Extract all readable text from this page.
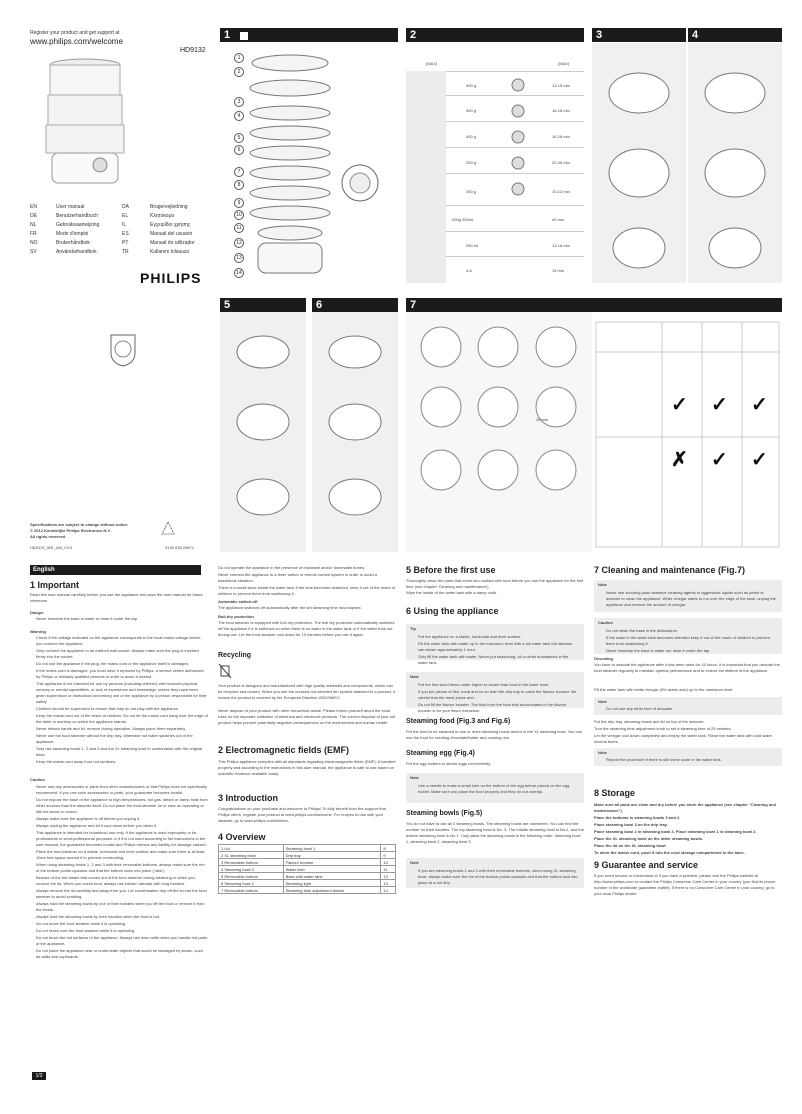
Register your product and get support at
www.philips.com/welcome
HD9132
EN	User manual
DE	Benutzerhandbuch
NL	Gebruiksaanwijzing
FR	Mode d'emploi
NO	Brukerhåndbok
SV	Användarhandbok
DA	Brugervejledning
EL	Κλητόκομο
IL	Εγχειρίδιο χρήσης
ES	Manual del usuario
PT	Manual do utilizador
TR	Kullanım kılavuzu
PHILIPS
Specifications are subject to change without notice
© 2012 Koninklijke Philips Electronics N.V.
All rights reserved.
HD9132_WK_UM_V3.0	3140 035 29871
1
1
2
3
4
5
6
7
8
9
10
11
12
13
14
2
(MAX)	(MAX)
400 g	13-15 min
400 g	16-18 min
400 g	16-18 min
250 g	20-25 min
250 g	10-12 min
200g 200ml	40 min
250 ml	13-16 min
4-6	15 min
3	4
5	6	7
25 min
✓ ✓ ✓
✗ ✓ ✓
English
1 Important
Read this user manual carefully before you use the appliance and save the user manual for future reference.
Danger
Never immerse the base in water or rinse it under the tap.
Warning
Check if the voltage indicated on the appliance corresponds to the local mains voltage before you connect the appliance.
Only connect the appliance to an earthed wall socket. Always make sure the plug is inserted firmly into the socket.
Do not use the appliance if the plug, the mains cord or the appliance itself is damaged.
If the mains cord is damaged, you must have it replaced by Philips, a service centre authorised by Philips or similarly qualified persons in order to avoid a hazard.
This appliance is not intended for use by persons (including children) with reduced physical, sensory or mental capabilities, or lack of experience and knowledge, unless they have been given supervision or instruction concerning use of the appliance by a person responsible for their safety.
Children should be supervised to ensure that they do not play with the appliance.
Keep the mains cord out of the reach of children. Do not let the mains cord hang over the edge of the table or worktop on which the appliance stands.
Never detach hands and lid, remove during operation. Always place them separately.
Never use the food steamer without the drip tray, otherwise hot water splashes out of the appliance.
Only use steaming bowls 1, 2 and 3 and the XL steaming bowl in combination with the original base.
Keep the mains cord away from hot surfaces.
Caution
Never use any accessories or parts from other manufacturers or that Philips does not specifically recommend. If you use such accessories or parts, your guarantee becomes invalid.
Do not expose the base of the appliance to high temperatures, hot gas, steam or damp heat from other sources than the steamer itself. Do not place the food steamer on or near an operating or still hot stove or cooker.
Always make sure the appliance is off before you unplug it.
Always unplug the appliance and let it cool down before you clean it.
This appliance is intended for household use only. If the appliance is used improperly or for professional or semi-professional purposes or if it is not used according to the instructions in the user manual, the guarantee becomes invalid and Philips refuses any liability for damage caused.
Place the food steamer on a stable, horizontal and level surface and make sure there is at least 10cm free space around it to prevent overheating.
When using steaming bowls 1, 2 and 3 with their removable bottoms, always make sure the rim of the bottom points upwards and that the bottom locks into place ('click').
Beware of the hot steam that comes out of the food steamer during steaming or when you remove the lid. When you check food, always use kitchen utensils with long handles.
Always remove the lid carefully and away from you. Let condensation drip off the lid into the food steamer to avoid scalding.
Always hold the steaming bowls by one of their handles when you lift the food or remove it from the bowls.
Always hold the steaming bowls by their handles when the food is hot.
Do not move the food steamer while it is operating.
Do not reach over the food steamer while it is operating.
Do not touch the hot surfaces of the appliance. Always use oven mitts when you handle hot parts of the appliance.
Do not place the appliance near or underneath objects that would be damaged by steam, such as walls and cupboards.
Do not operate the appliance in the presence of explosive and/or flammable fumes.
Never connect the appliance to a timer switch or remote control system in order to avoid a hazardous situation.
There is a small slave inside the water tank if the time becomes detached, keep it out of the reach of children to prevent them from swallowing it.
Automatic switch-off
The appliance switches off automatically after the set steaming time has elapsed.
Boil-dry protection
The food steamer is equipped with boil dry protection. The boil dry protection automatically switches off the appliance if it is switched on when there is no water in the water tank or if the water runs out during use. Let the food steamer cool down for 10 minutes before you use it again.
Recycling
Your product is designed and manufactured with high quality materials and components, which can be recycled and reused. When you see the crossed-out wheeled bin symbol attached to a product, it means the product is covered by the European Directive 2002/96/EC.
Never dispose of your product with other household waste. Please inform yourself about the local rules on the separate collection of electrical and electronic products. The correct disposal of your old product helps prevent potentially negative consequences on the environment and human health.
2 Electromagnetic fields (EMF)
This Philips appliance complies with all standards regarding electromagnetic fields (EMF). If handled properly and according to the instructions in this user manual, the appliance is safe to use based on scientific evidence available today.
3 Introduction
Congratulations on your purchase and welcome to Philips! To fully benefit from the support that Philips offers, register your product at www.philips.com/welcome. For recipes to use with your steamer, go to www.philips.com/kitchen.
4 Overview
1 Lid	Steaming bowl 1	8
2 XL steaming bowl	Drip tray	9
3 Removable bottom	Flavour booster	10
4 Steaming bowl 3	Water inlet	11
5 Removable bottom	Base with water tank	12
6 Steaming bowl 2	Steaming light	13
7 Removable bottom	Steaming time adjustment button	14
5 Before the first use
Thoroughly clean the parts that come into contact with food before you use the appliance for the first time (see chapter 'Cleaning and maintenance').
Wipe the inside of the water tank with a damp cloth.
6 Using the appliance
Tip
Put the appliance on a stable, horizontal and level surface.
Fill the water tank with water up to the maximum level with a full water tank the steamer can steam approximately 1 hour.
Only fill the water tank with water. Never put seasoning, oil or other substances in the water tank.
Note
Put the fine sized items under higher to steam than food in the lower bowl.
If you put pieces of fish, meat and so on than the drip tray to catch the flavour booster. Be careful that the meat juices and ...
Do not fill the flavour booster. The fluid from the food that accumulates in the flavour booster is for your flavor extraction.
Steaming food (Fig.3 and Fig.6)
Put the food to be steamed in one or more steaming bowls and/or in the XL steaming bowl. You can use the food for creating chocolate/butter and cooking rice.
Steaming egg (Fig.4)
Put the egg holders to steam eggs conveniently.
Note
Use a needle to make a small hole on the bottom of the egg before placed on the egg holder. Make sure you place the food properly and they do not overlap.
Steaming bowls (Fig.5)
You do not have to use all 3 steaming bowls. The steaming bowls are numbered. You can find the number on their handles. The top steaming bowl is No. 3. The middle steaming bowl is No.2, and the bottom steaming bowl is No.1. Only stack the steaming bowls in the following order: steaming bowl 1, steaming bowl 2, steaming bowl 3.
Note
If you are steaming bowls 1 and 2 with their removable bottoms, when using XL steaming bowl, always make sure the rim of the bottom points upwards and that the bottom lock into place at a hot drip.
7 Cleaning and maintenance (Fig.7)
Note
Never use scouring pads abrasive cleaning agents or aggressive liquids such as petrol or acetone to clean the appliance. While vinegar starts to run over the edge of the bowl, unplug the appliance and remove the amount of vinegar.
Caution
Do not clean the base in the dishwasher.
If the scale in the water tank becomes distorted keep it out of the reach of children to prevent them from swallowing it.
Never immerse the base in water nor rinse it under the tap.
Descaling
You have to descale the appliance after it has been used for 15 hours. It is important that you descale the food steamer regularly to maintain optimal performance and to extend the lifetime of the appliance.
Fill the water tank with white vinegar (8% acetic acid) up to the maximum level.
Note
Do not use any other kind of descaler.
Put the drip tray, steaming bowls and lid on top of the steamer.
Turn the steaming time adjustment knob to set a steaming time of 25 minutes.
Let the vinegar cool down completely and empty the water tank. Rinse the water tank with cold water several times.
Note
Repeat the procedure if there is still some scale in the water tank.
8 Storage
Make sure all parts are clean and dry before you store the appliance (see chapter "Cleaning and maintenance").
Place the bottoms in steaming bowls 3 and 2.
Place steaming bowl 3 on the drip tray.
Place steaming bowl 2 in steaming bowl 3. Place steaming bowl 1 in steaming bowl 2.
Place the XL steaming bowl on the other steaming bowls.
Place the lid on the XL steaming bowl.
To store the mains cord, push it into the cord storage compartment in the base.
9 Guarantee and service
If you need service or information or if you have a problem, please visit the Philips website at http://www.philips.com or contact the Philips Consumer Care Center in your country (you find its phone number in the worldwide guarantee leaflet). If there is no Consumer Care Center in your country, go to your local Philips dealer.
1/3
